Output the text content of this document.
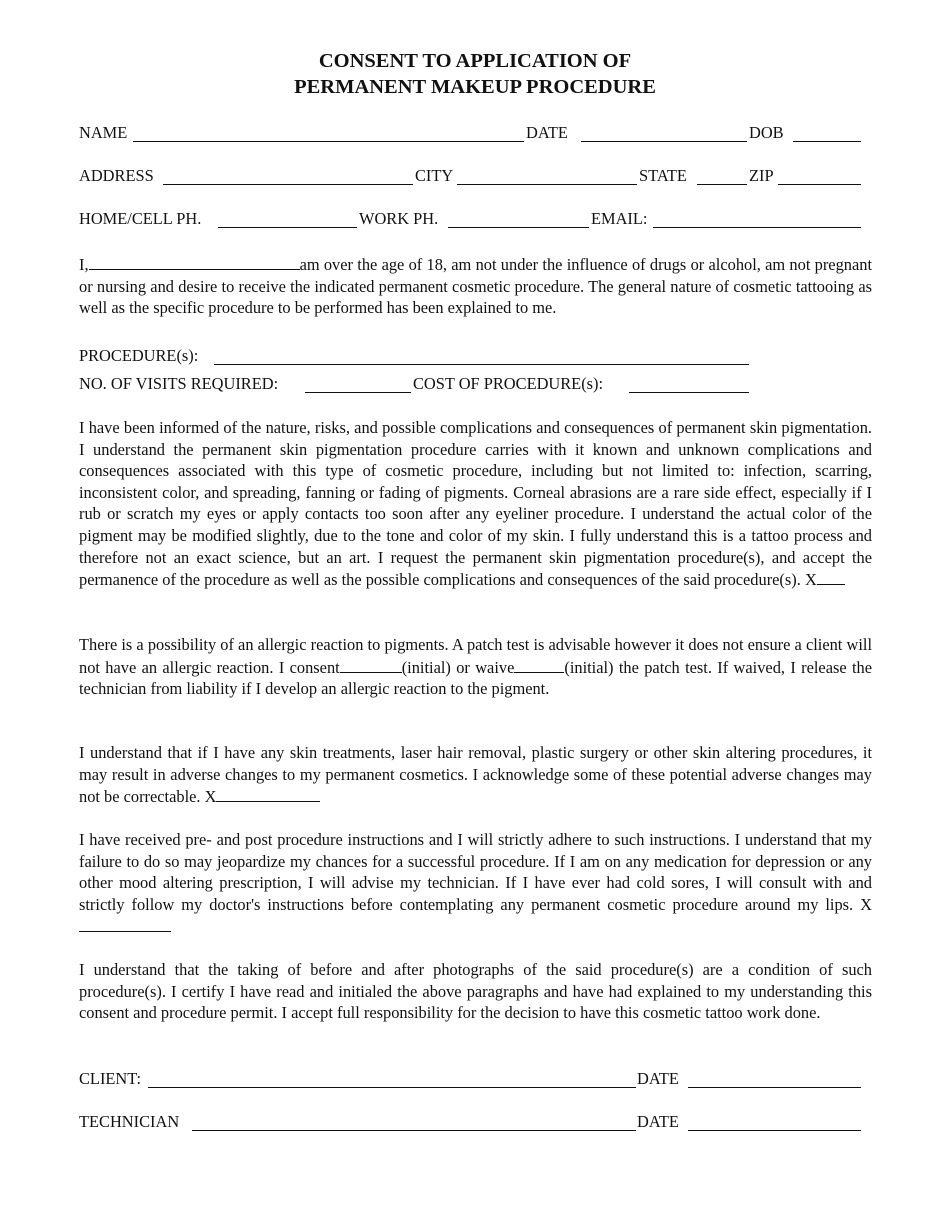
CONSENT TO APPLICATION OF
PERMANENT MAKEUP PROCEDURE
NAME	DATE	DOB
ADDRESS	CITY	STATE	ZIP
HOME/CELL PH.	WORK PH.	EMAIL:

I,	am over the age of 18, am not under the influence of drugs or alcohol, am not pregnant or nursing and desire to receive the indicated permanent cosmetic procedure. The general nature of cosmetic tattooing as well as the specific procedure to be performed has been explained to me.

PROCEDURE(s):
NO. OF VISITS REQUIRED:	COST OF PROCEDURE(s):

I have been informed of the nature, risks, and possible complications and consequences of permanent skin pigmentation. I understand the permanent skin pigmentation procedure carries with it known and unknown complications and consequences associated with this type of cosmetic procedure, including but not limited to: infection, scarring, inconsistent color, and spreading, fanning or fading of pigments. Corneal abrasions are a rare side effect, especially if I rub or scratch my eyes or apply contacts too soon after any eyeliner procedure. I understand the actual color of the pigment may be modified slightly, due to the tone and color of my skin. I fully understand this is a tattoo process and therefore not an exact science, but an art. I request the permanent skin pigmentation procedure(s), and accept the permanence of the procedure as well as the possible complications and consequences of the said procedure(s). X

There is a possibility of an allergic reaction to pigments. A patch test is advisable however it does not ensure a client will not have an allergic reaction. I consent	(initial) or waive	(initial) the patch test. If waived, I release the technician from liability if I develop an allergic reaction to the pigment.

I understand that if I have any skin treatments, laser hair removal, plastic surgery or other skin altering procedures, it may result in adverse changes to my permanent cosmetics. I acknowledge some of these potential adverse changes may not be correctable. X

I have received pre- and post procedure instructions and I will strictly adhere to such instructions. I understand that my failure to do so may jeopardize my chances for a successful procedure. If I am on any medication for depression or any other mood altering prescription, I will advise my technician. If I have ever had cold sores, I will consult with and strictly follow my doctor's instructions before contemplating any permanent cosmetic procedure around my lips. X

I understand that the taking of before and after photographs of the said procedure(s) are a condition of such procedure(s). I certify I have read and initialed the above paragraphs and have had explained to my understanding this consent and procedure permit. I accept full responsibility for the decision to have this cosmetic tattoo work done.

CLIENT:	DATE
TECHNICIAN	DATE
